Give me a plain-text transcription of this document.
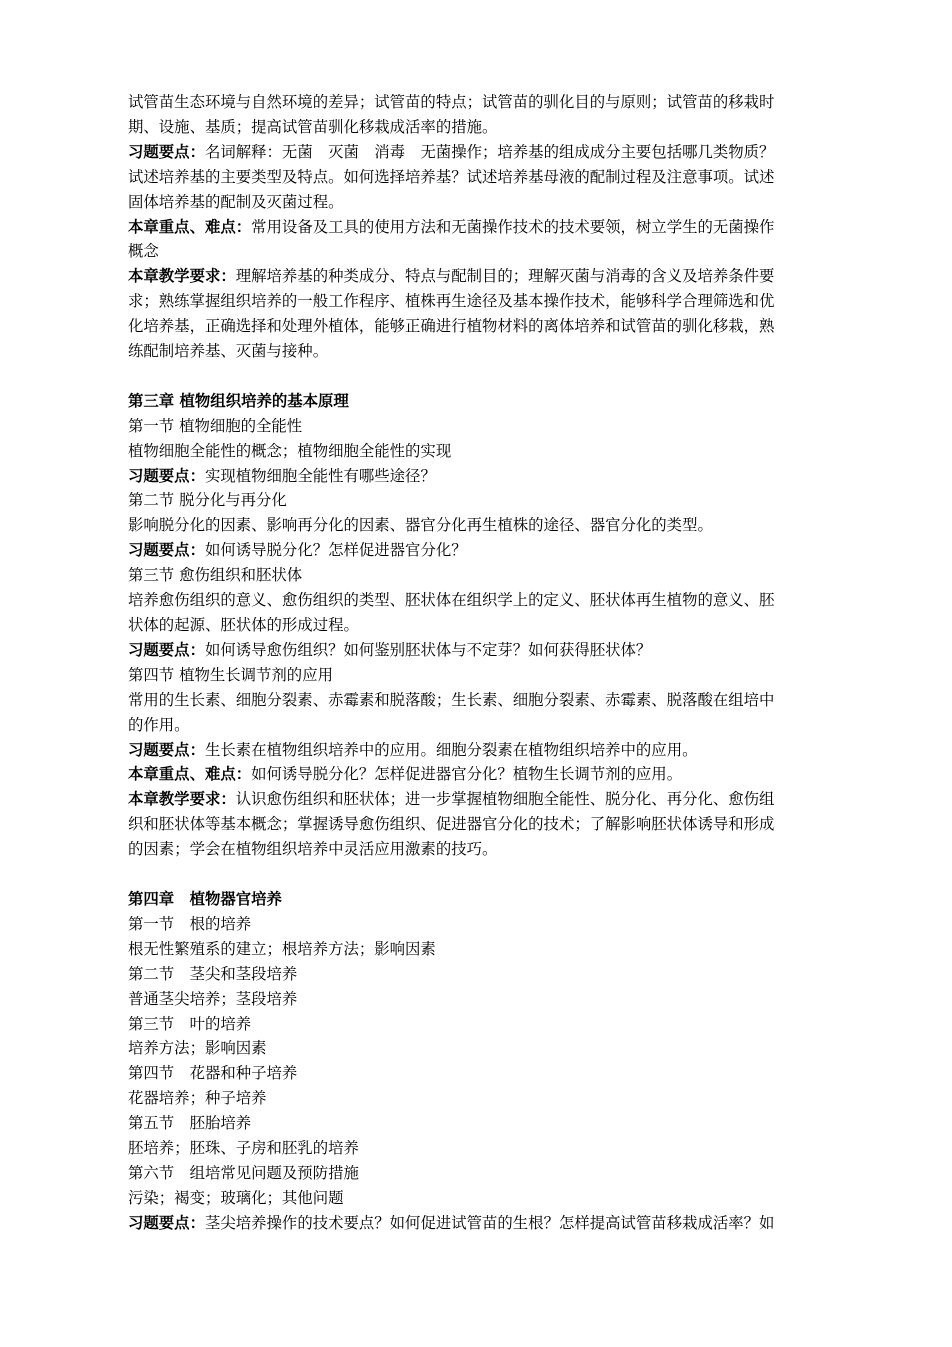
试管苗生态环境与自然环境的差异；试管苗的特点；试管苗的驯化目的与原则；试管苗的移栽时

期、设施、基质；提高试管苗驯化移栽成活率的措施。

习题要点：名词解释：无菌　灭菌　消毒　无菌操作；培养基的组成成分主要包括哪几类物质？

试述培养基的主要类型及特点。如何选择培养基？试述培养基母液的配制过程及注意事项。试述

固体培养基的配制及灭菌过程。

本章重点、难点：常用设备及工具的使用方法和无菌操作技术的技术要领，树立学生的无菌操作

概念

本章教学要求：理解培养基的种类成分、特点与配制目的；理解灭菌与消毒的含义及培养条件要

求；熟练掌握组织培养的一般工作程序、植株再生途径及基本操作技术，能够科学合理筛选和优

化培养基，正确选择和处理外植体，能够正确进行植物材料的离体培养和试管苗的驯化移栽，熟

练配制培养基、灭菌与接种。

第三章 植物组织培养的基本原理

第一节 植物细胞的全能性

植物细胞全能性的概念；植物细胞全能性的实现

习题要点：实现植物细胞全能性有哪些途径？

第二节 脱分化与再分化

影响脱分化的因素、影响再分化的因素、器官分化再生植株的途径、器官分化的类型。

习题要点：如何诱导脱分化？怎样促进器官分化？

第三节 愈伤组织和胚状体

培养愈伤组织的意义、愈伤组织的类型、胚状体在组织学上的定义、胚状体再生植物的意义、胚

状体的起源、胚状体的形成过程。

习题要点：如何诱导愈伤组织？如何鉴别胚状体与不定芽？如何获得胚状体？

第四节 植物生长调节剂的应用

常用的生长素、细胞分裂素、赤霉素和脱落酸；生长素、细胞分裂素、赤霉素、脱落酸在组培中

的作用。

习题要点：生长素在植物组织培养中的应用。细胞分裂素在植物组织培养中的应用。

本章重点、难点：如何诱导脱分化？怎样促进器官分化？植物生长调节剂的应用。

本章教学要求：认识愈伤组织和胚状体；进一步掌握植物细胞全能性、脱分化、再分化、愈伤组

织和胚状体等基本概念；掌握诱导愈伤组织、促进器官分化的技术；了解影响胚状体诱导和形成

的因素；学会在植物组织培养中灵活应用激素的技巧。

第四章　植物器官培养

第一节　根的培养

根无性繁殖系的建立；根培养方法；影响因素

第二节　茎尖和茎段培养

普通茎尖培养；茎段培养

第三节　叶的培养

培养方法；影响因素

第四节　花器和种子培养

花器培养；种子培养

第五节　胚胎培养

胚培养；胚珠、子房和胚乳的培养

第六节　组培常见问题及预防措施

污染；褐变；玻璃化；其他问题

习题要点：茎尖培养操作的技术要点？如何促进试管苗的生根？怎样提高试管苗移栽成活率？如
